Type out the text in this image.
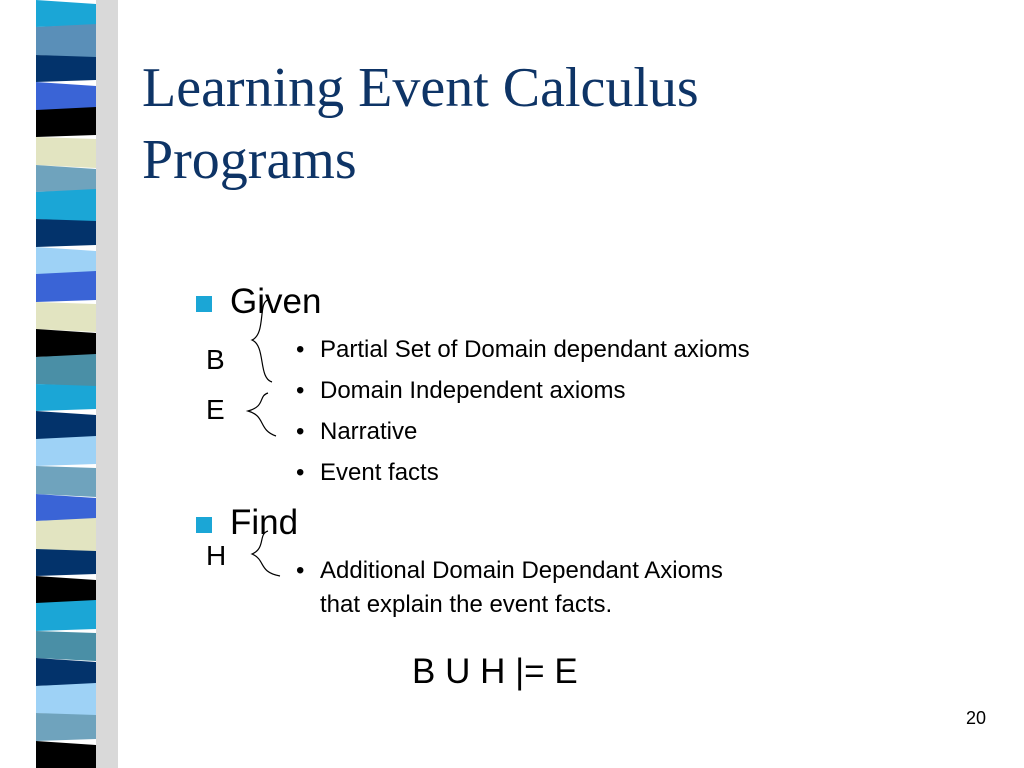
Learning Event Calculus
Programs
Given
• Partial Set of Domain dependant axioms
• Domain Independent axioms
• Narrative
• Event facts
Find
• Additional Domain Dependant Axioms
that explain the event facts.
B
E
H
B U H |= E
20
